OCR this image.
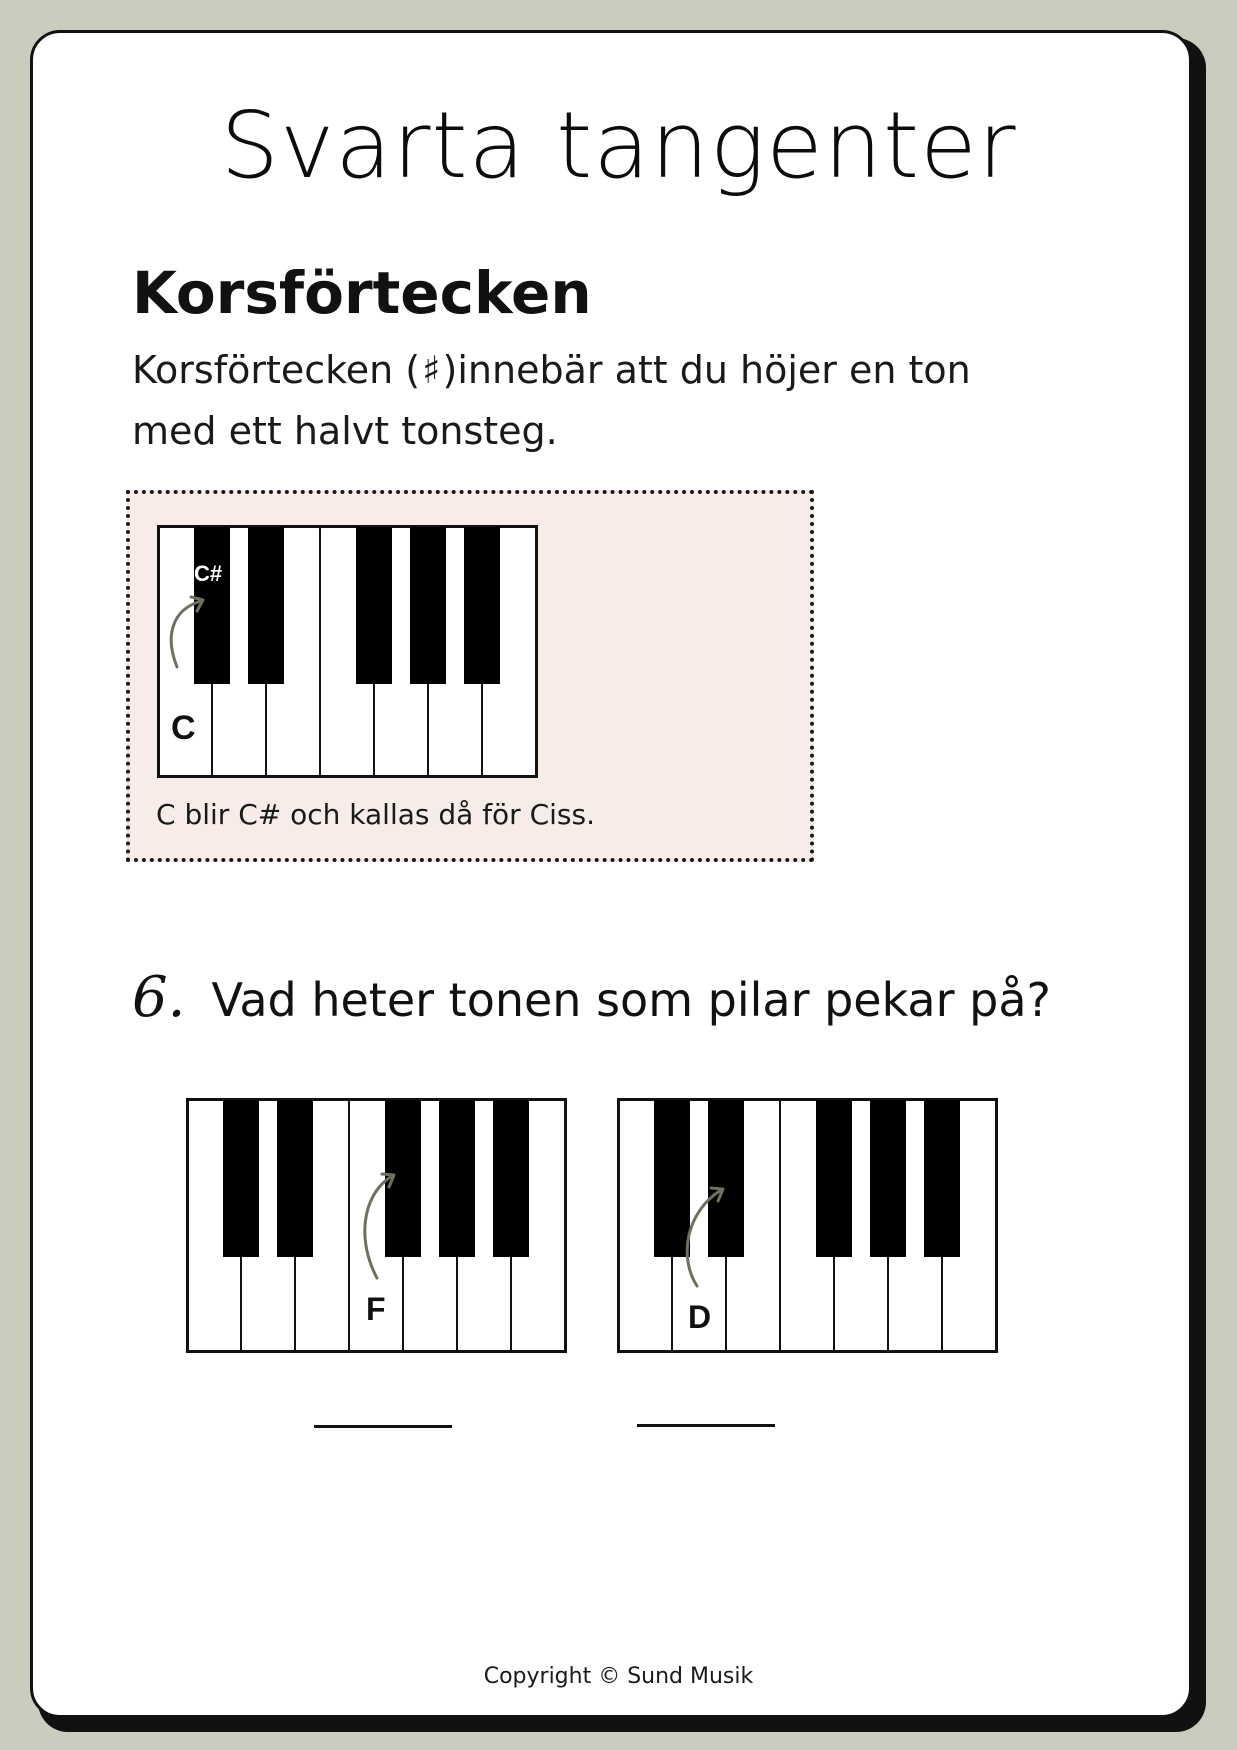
Svarta tangenter
Korsförtecken

Korsförtecken (♯)innebär att du höjer en ton med ett halvt tonsteg.

C#
C

C blir C# och kallas då för Ciss.

6. Vad heter tonen som pilar pekar på?

F	D

Copyright © Sund Musik
